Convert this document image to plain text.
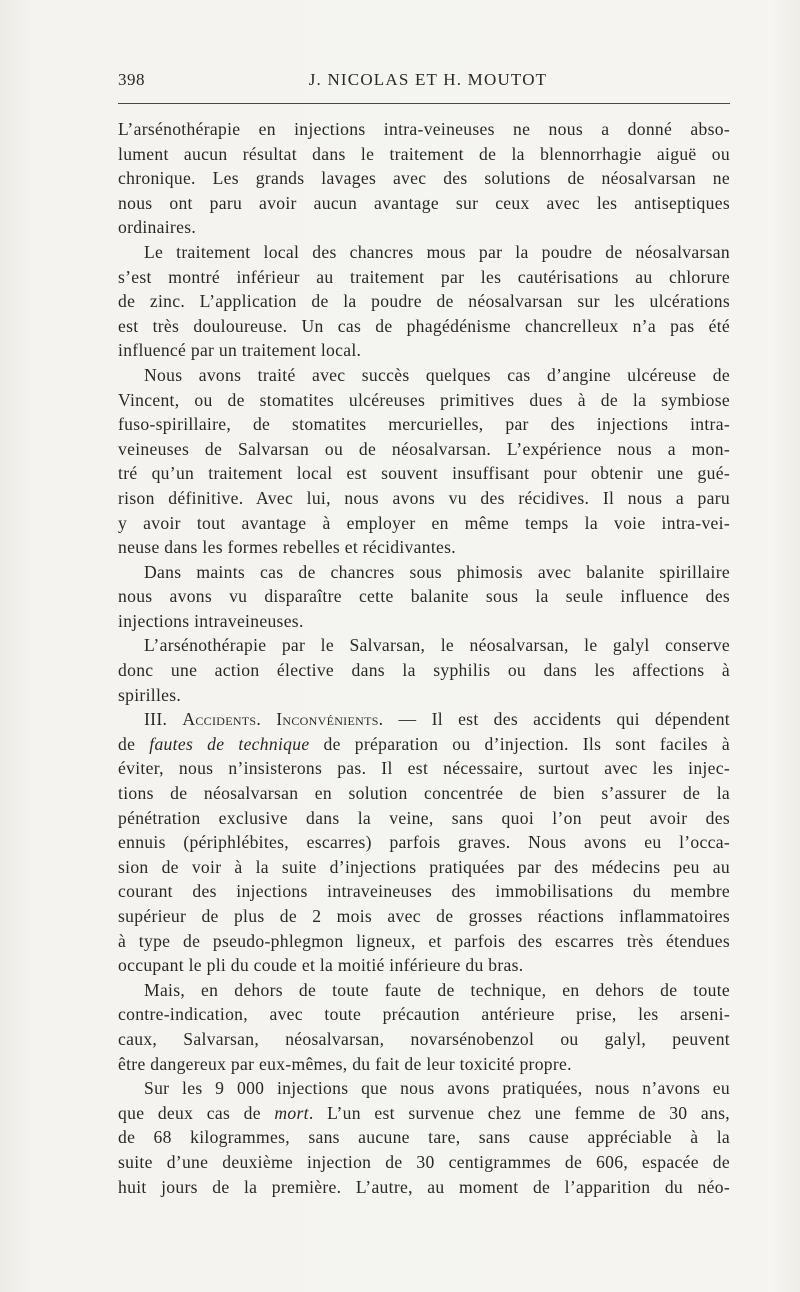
398	J. NICOLAS ET H. MOUTOT
L’arsénothérapie en injections intra-veineuses ne nous a donné abso-
lument aucun résultat dans le traitement de la blennorrhagie aiguë ou
chronique. Les grands lavages avec des solutions de néosalvarsan ne
nous ont paru avoir aucun avantage sur ceux avec les antiseptiques
ordinaires.
Le traitement local des chancres mous par la poudre de néosalvarsan
s’est montré inférieur au traitement par les cautérisations au chlorure
de zinc. L’application de la poudre de néosalvarsan sur les ulcérations
est très douloureuse. Un cas de phagédénisme chancrelleux n’a pas été
influencé par un traitement local.
Nous avons traité avec succès quelques cas d’angine ulcéreuse de
Vincent, ou de stomatites ulcéreuses primitives dues à de la symbiose
fuso-spirillaire, de stomatites mercurielles, par des injections intra-
veineuses de Salvarsan ou de néosalvarsan. L’expérience nous a mon-
tré qu’un traitement local est souvent insuffisant pour obtenir une gué-
rison définitive. Avec lui, nous avons vu des récidives. Il nous a paru
y avoir tout avantage à employer en même temps la voie intra-vei-
neuse dans les formes rebelles et récidivantes.
Dans maints cas de chancres sous phimosis avec balanite spirillaire
nous avons vu disparaître cette balanite sous la seule influence des
injections intraveineuses.
L’arsénothérapie par le Salvarsan, le néosalvarsan, le galyl conserve
donc une action élective dans la syphilis ou dans les affections à
spirilles.
III. Accidents. Inconvénients. — Il est des accidents qui dépendent
de fautes de technique de préparation ou d’injection. Ils sont faciles à
éviter, nous n’insisterons pas. Il est nécessaire, surtout avec les injec-
tions de néosalvarsan en solution concentrée de bien s’assurer de la
pénétration exclusive dans la veine, sans quoi l’on peut avoir des
ennuis (périphlébites, escarres) parfois graves. Nous avons eu l’occa-
sion de voir à la suite d’injections pratiquées par des médecins peu au
courant des injections intraveineuses des immobilisations du membre
supérieur de plus de 2 mois avec de grosses réactions inflammatoires
à type de pseudo-phlegmon ligneux, et parfois des escarres très étendues
occupant le pli du coude et la moitié inférieure du bras.
Mais, en dehors de toute faute de technique, en dehors de toute
contre-indication, avec toute précaution antérieure prise, les arseni-
caux, Salvarsan, néosalvarsan, novarsénobenzol ou galyl, peuvent
être dangereux par eux-mêmes, du fait de leur toxicité propre.
Sur les 9 000 injections que nous avons pratiquées, nous n’avons eu
que deux cas de mort. L’un est survenue chez une femme de 30 ans,
de 68 kilogrammes, sans aucune tare, sans cause appréciable à la
suite d’une deuxième injection de 30 centigrammes de 606, espacée de
huit jours de la première. L’autre, au moment de l’apparition du néo-
